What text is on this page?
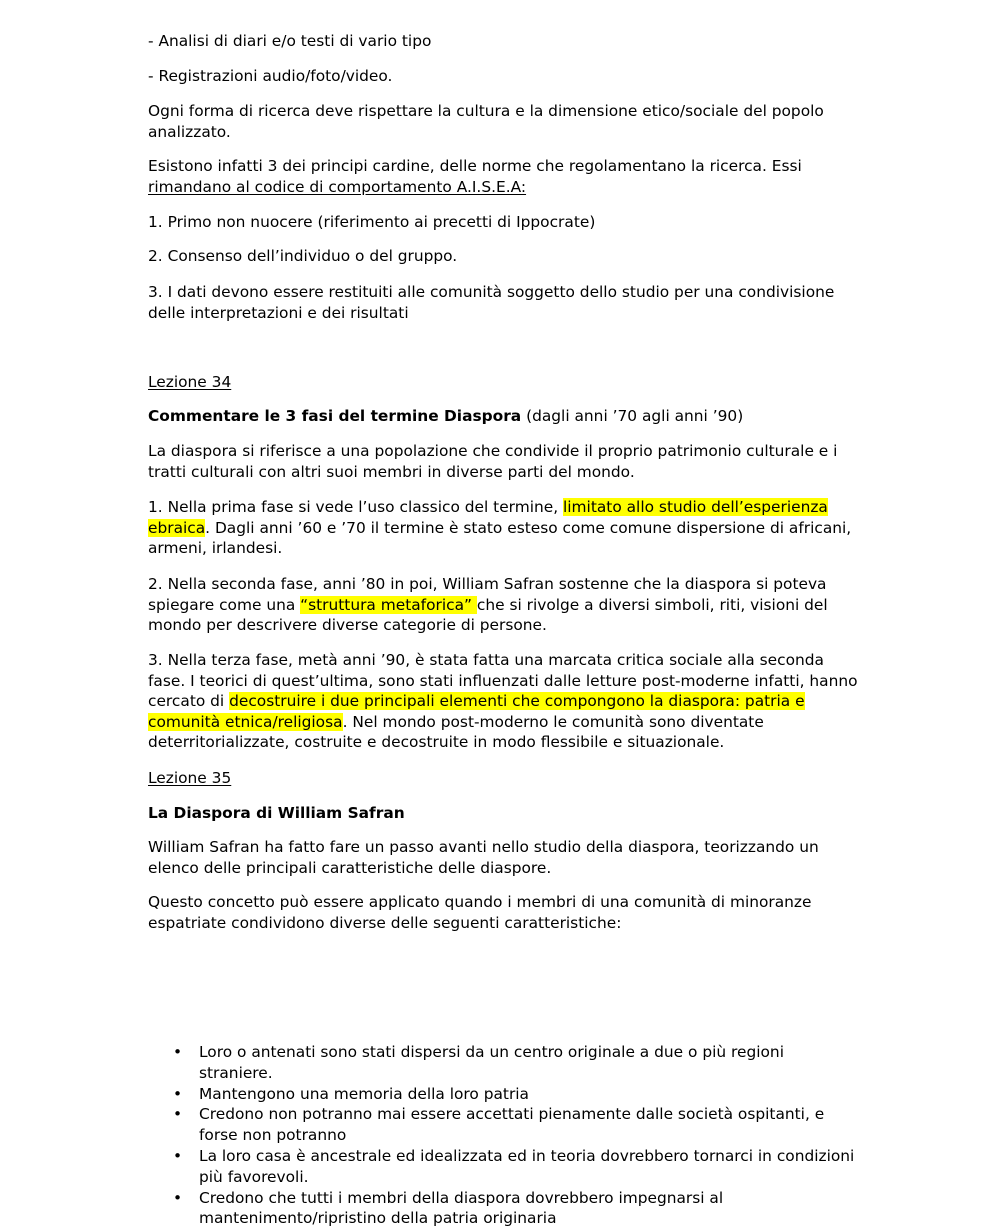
- Analisi di diari e/o testi di vario tipo

- Registrazioni audio/foto/video.

Ogni forma di ricerca deve rispettare la cultura e la dimensione etico/sociale del popolo analizzato.

Esistono infatti 3 dei principi cardine, delle norme che regolamentano la ricerca. Essi
rimandano al codice di comportamento A.I.S.E.A:

1. Primo non nuocere (riferimento ai precetti di Ippocrate)

2. Consenso dell’individuo o del gruppo.

3. I dati devono essere restituiti alle comunità soggetto dello studio per una condivisione delle interpretazioni e dei risultati

Lezione 34

Commentare le 3 fasi del termine Diaspora (dagli anni ’70 agli anni ’90)

La diaspora si riferisce a una popolazione che condivide il proprio patrimonio culturale e i tratti culturali con altri suoi membri in diverse parti del mondo.

1. Nella prima fase si vede l’uso classico del termine, limitato allo studio dell’esperienza ebraica. Dagli anni ’60 e ’70 il termine è stato esteso come comune dispersione di africani, armeni, irlandesi.

2. Nella seconda fase, anni ’80 in poi, William Safran sostenne che la diaspora si poteva spiegare come una “struttura metaforica” che si rivolge a diversi simboli, riti, visioni del mondo per descrivere diverse categorie di persone.

3. Nella terza fase, metà anni ’90, è stata fatta una marcata critica sociale alla seconda fase. I teorici di quest’ultima, sono stati influenzati dalle letture post-moderne infatti, hanno cercato di decostruire i due principali elementi che compongono la diaspora: patria e comunità etnica/religiosa. Nel mondo post-moderno le comunità sono diventate deterritorializzate, costruite e decostruite in modo flessibile e situazionale.

Lezione 35

La Diaspora di William Safran

William Safran ha fatto fare un passo avanti nello studio della diaspora, teorizzando un elenco delle principali caratteristiche delle diaspore.

Questo concetto può essere applicato quando i membri di una comunità di minoranze espatriate condividono diverse delle seguenti caratteristiche:

• Loro o antenati sono stati dispersi da un centro originale a due o più regioni straniere.
• Mantengono una memoria della loro patria
• Credono non potranno mai essere accettati pienamente dalle società ospitanti, e forse non potranno
• La loro casa è ancestrale ed idealizzata ed in teoria dovrebbero tornarci in condizioni più favorevoli.
• Credono che tutti i membri della diaspora dovrebbero impegnarsi al mantenimento/ripristino della patria originaria
